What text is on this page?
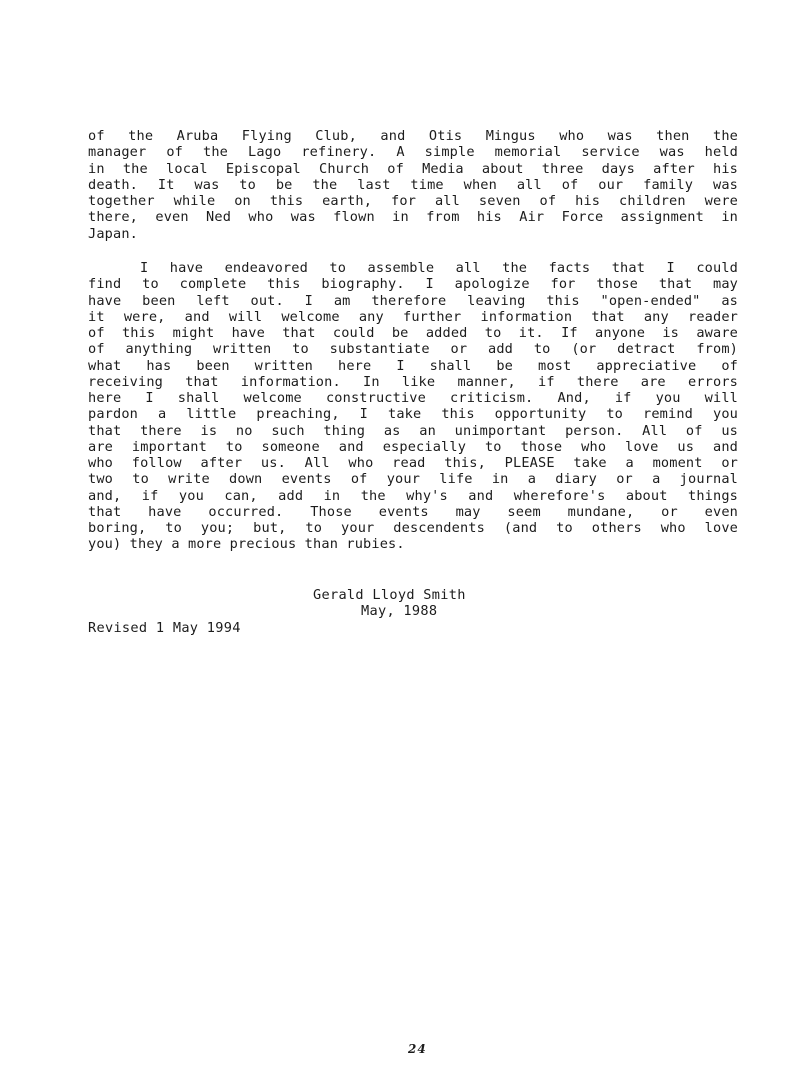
of the Aruba Flying Club, and Otis Mingus who was then the
manager of the Lago refinery. A simple memorial service was held
in the local Episcopal Church of Media about three days after his
death. It was to be the last time when all of our family was
together while on this earth, for all seven of his children were
there, even Ned who was flown in from his Air Force assignment in
Japan.
I have endeavored to assemble all the facts that I could
find to complete this biography. I apologize for those that may
have been left out. I am therefore leaving this "open-ended" as
it were, and will welcome any further information that any reader
of this might have that could be added to it. If anyone is aware
of anything written to substantiate or add to (or detract from)
what has been written here I shall be most appreciative of
receiving that information. In like manner, if there are errors
here I shall welcome constructive criticism. And, if you will
pardon a little preaching, I take this opportunity to remind you
that there is no such thing as an unimportant person. All of us
are important to someone and especially to those who love us and
who follow after us. All who read this, PLEASE take a moment or
two to write down events of your life in a diary or a journal
and, if you can, add in the why's and wherefore's about things
that have occurred. Those events may seem mundane, or even
boring, to you; but, to your descendents (and to others who love
you) they a more precious than rubies.
Gerald Lloyd Smith
May, 1988
Revised 1 May 1994
24
